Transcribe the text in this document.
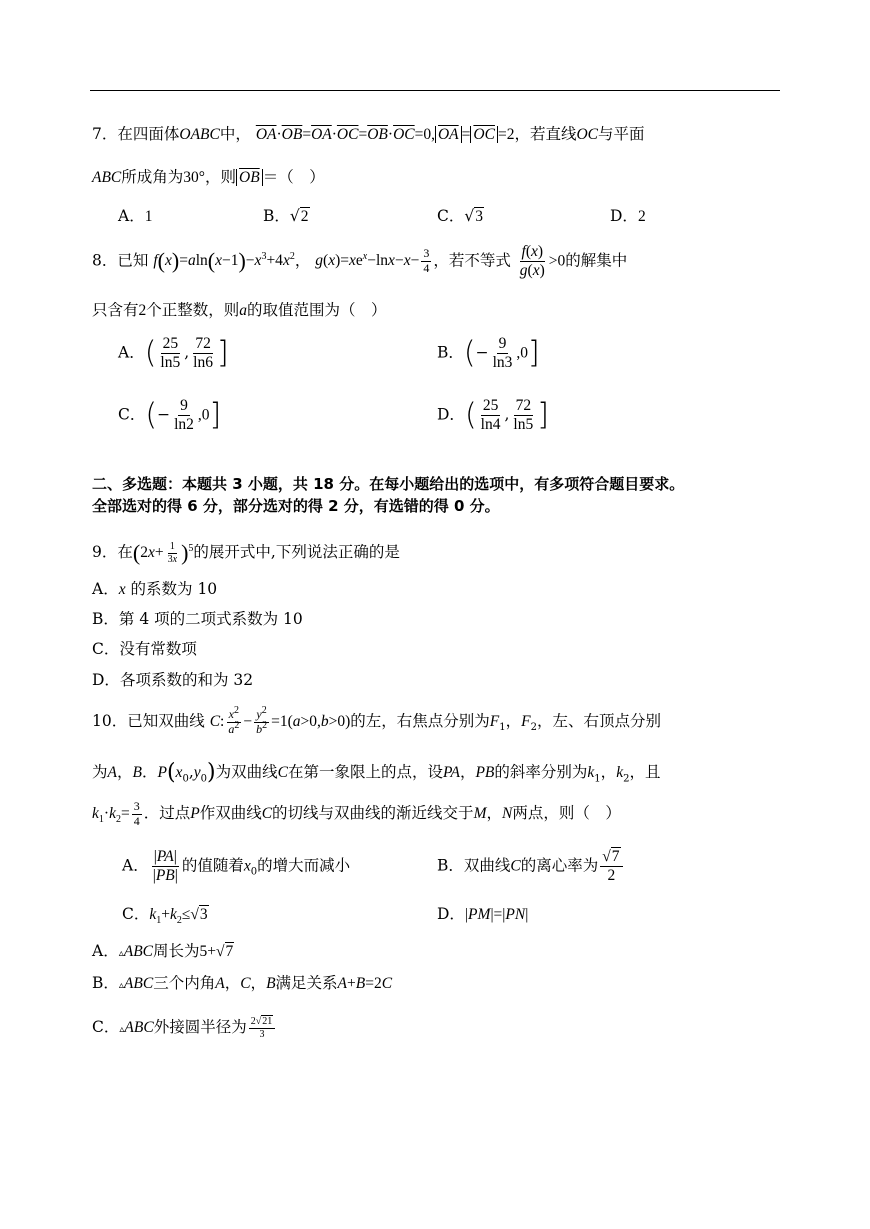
7．在四面体OABC中， $\overline{OA}\cdot\overline{OB}=\overline{OA}\cdot\overline{OC}=\overline{OB}\cdot\overline{OC}=0$, $\overline{OA} = \overline{OC} =2$，若直线OC与平面
ABC所成角为30°，则 $\overline{OB}$ ＝（　）
A．1	B．√2	C．√3	D．2
8．已知 $f(x)=aln(x-1)-x^3+4x^2$， $g(x)=xe^x-\ln x-x- \frac{3}{4}$ ，若不等式 $\frac{f(x)}{g(x)} >0$的解集中
只含有2个正整数，则a的取值范围为（　）
A．( $\frac{25}{\ln 5}$ , $\frac{72}{\ln 6}$ ]	B．(− $\frac{9}{\ln 3} ,0$]
C．(− $\frac{9}{\ln 2} ,0$]	D．( $\frac{25}{\ln 4}$ , $\frac{72}{\ln 5}$ ]
二、多选题：本题共 3 小题，共 18 分。在每小题给出的选项中，有多项符合题目要求。
全部选对的得 6 分，部分选对的得 2 分，有选错的得 0 分。
9．在$(2x+ \frac{1}{3x} )^5$的展开式中,下列说法正确的是
A．x 的系数为 10
B．第 4 项的二项式系数为 10
C．没有常数项
D．各项系数的和为 32
10．已知双曲线 C: $\frac{x^2}{a^2} - \frac{y^2}{b^2} =1(a>0,b>0)$的左，右焦点分别为$F_1$，$F_2$，左、右顶点分别
为A，B．$P(x_0,y_0)$为双曲线C在第一象限上的点，设PA，PB的斜率分别为$k_1$，$k_2$，且
$k_1\cdot k_2= \frac{3}{4}$ ．过点P作双曲线C的切线与双曲线的渐近线交于M，N两点，则（　）
A． $\frac{|PA|}{|PB|}$ 的值随着$x_0$的增大而减小	B．双曲线C的离心率为 $\frac{√7}{2}$
C．$k_1+k_2\le√3$	D．|PM|=|PN|
A．▵ABC周长为5+√7
B．▵ABC三个内角A，C，B满足关系A+B=2C
C．▵ABC外接圆半径为 $\frac{2√21}{3}$
